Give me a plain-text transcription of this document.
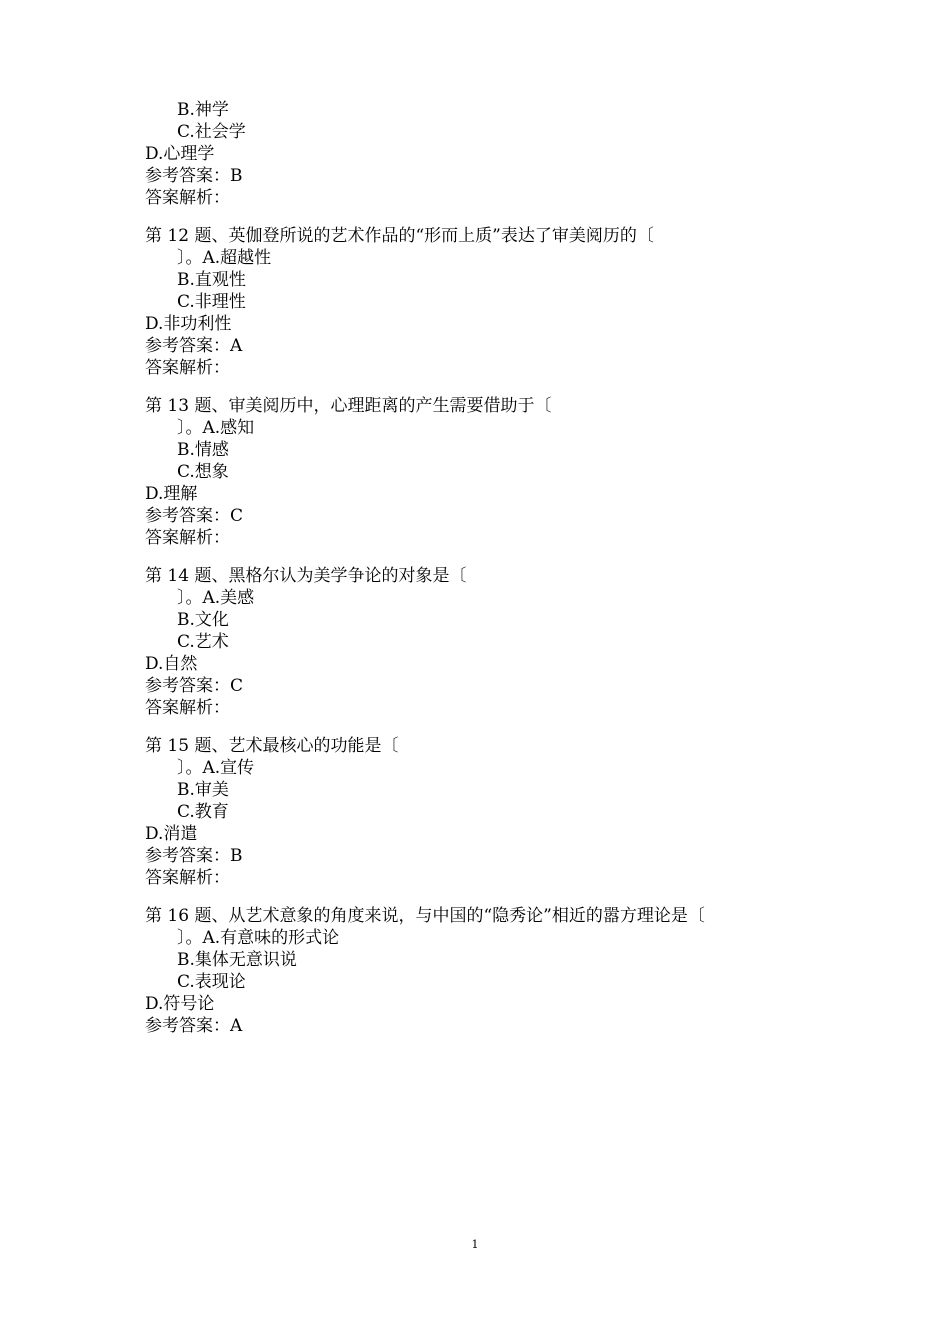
B.神学
C.社会学
D.心理学
参考答案：B
答案解析：
第 12 题、英伽登所说的艺术作品的“形而上质”表达了审美阅历的〔
〕。A.超越性
B.直观性
C.非理性
D.非功利性
参考答案：A
答案解析：
第 13 题、审美阅历中，心理距离的产生需要借助于〔
〕。A.感知
B.情感
C.想象
D.理解
参考答案：C
答案解析：
第 14 题、黑格尔认为美学争论的对象是〔
〕。A.美感
B.文化
C.艺术
D.自然
参考答案：C
答案解析：
第 15 题、艺术最核心的功能是〔
〕。A.宣传
B.审美
C.教育
D.消遣
参考答案：B
答案解析：
第 16 题、从艺术意象的角度来说，与中国的“隐秀论”相近的嚣方理论是〔
〕。A.有意味的形式论
B.集体无意识说
C.表现论
D.符号论
参考答案：A
1
